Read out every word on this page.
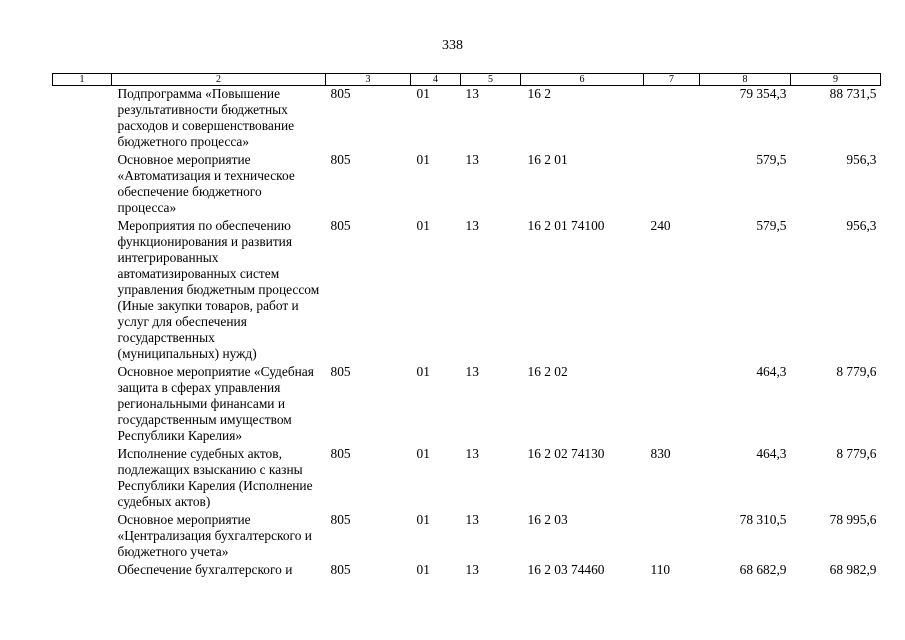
338
1	2	3	4	5	6	7	8	9
	Подпрограмма «Повышение результативности бюджетных расходов и совершенствование бюджетного процесса»	805	01	13	16 2		79 354,3	88 731,5
	Основное мероприятие «Автоматизация и техническое обеспечение бюджетного процесса»	805	01	13	16 2 01		579,5	956,3
	Мероприятия по обеспечению функционирования и развития интегрированных автоматизированных систем управления бюджетным процессом (Иные закупки товаров, работ и услуг для обеспечения государственных (муниципальных) нужд)	805	01	13	16 2 01 74100	240	579,5	956,3
	Основное мероприятие «Судебная защита в сферах управления региональными финансами и государственным имуществом Республики Карелия»	805	01	13	16 2 02		464,3	8 779,6
	Исполнение судебных актов, подлежащих взысканию с казны Республики Карелия (Исполнение судебных актов)	805	01	13	16 2 02 74130	830	464,3	8 779,6
	Основное мероприятие «Централизация бухгалтерского и бюджетного учета»	805	01	13	16 2 03		78 310,5	78 995,6
	Обеспечение бухгалтерского и	805	01	13	16 2 03 74460	110	68 682,9	68 982,9
